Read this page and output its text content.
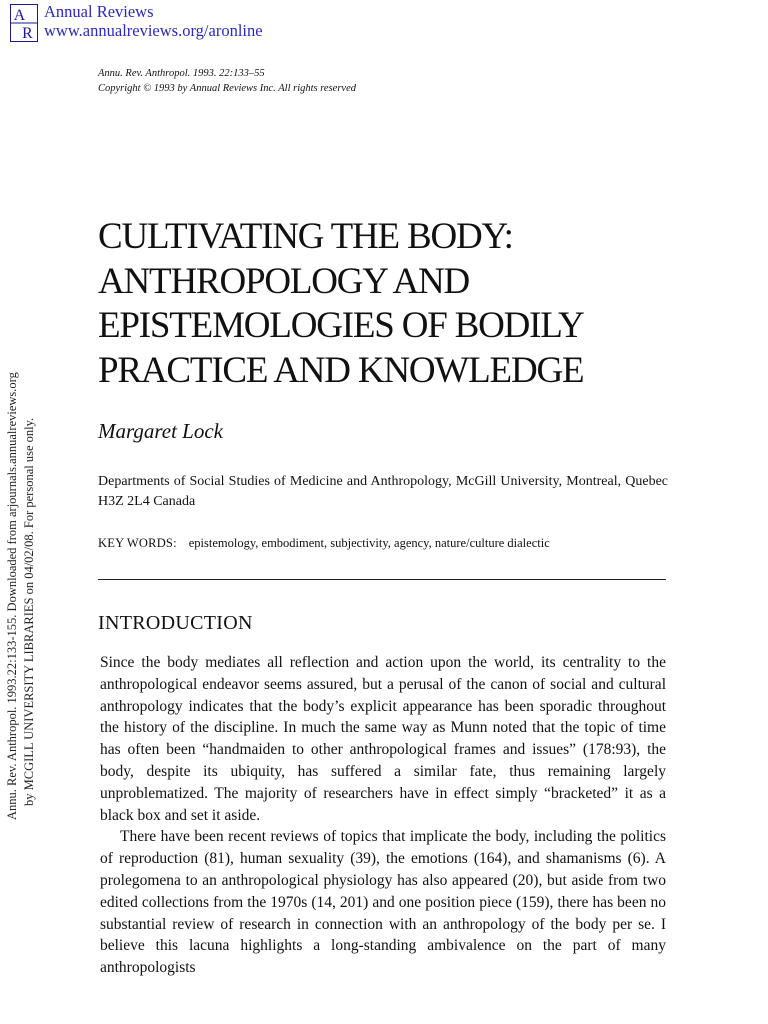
A
R
Annual Reviews
www.annualreviews.org/aronline
Annu. Rev. Anthropol. 1993. 22:133–55
Copyright © 1993 by Annual Reviews Inc. All rights reserved
CULTIVATING THE BODY:
ANTHROPOLOGY AND
EPISTEMOLOGIES OF BODILY
PRACTICE AND KNOWLEDGE
Margaret Lock
Departments of Social Studies of Medicine and Anthropology, McGill University, Montreal, Quebec H3Z 2L4 Canada
KEY WORDS: epistemology, embodiment, subjectivity, agency, nature/culture dialectic
INTRODUCTION

Since the body mediates all reflection and action upon the world, its centrality to the anthropological endeavor seems assured, but a perusal of the canon of social and cultural anthropology indicates that the body’s explicit appearance has been sporadic throughout the history of the discipline. In much the same way as Munn noted that the topic of time has often been “handmaiden to other anthropological frames and issues” (178:93), the body, despite its ubiquity, has suffered a similar fate, thus remaining largely unproblematized. The majority of researchers have in effect simply “bracketed” it as a black box and set it aside.

There have been recent reviews of topics that implicate the body, including the politics of reproduction (81), human sexuality (39), the emotions (164), and shamanisms (6). A prolegomena to an anthropological physiology has also appeared (20), but aside from two edited collections from the 1970s (14, 201) and one position piece (159), there has been no substantial review of research in connection with an anthropology of the body per se. I believe this lacuna highlights a long-standing ambivalence on the part of many anthropologists

Annu. Rev. Anthropol. 1993.22:133-155. Downloaded from arjournals.annualreviews.org by MCGILL UNIVERSITY LIBRARIES on 04/02/08. For personal use only.
